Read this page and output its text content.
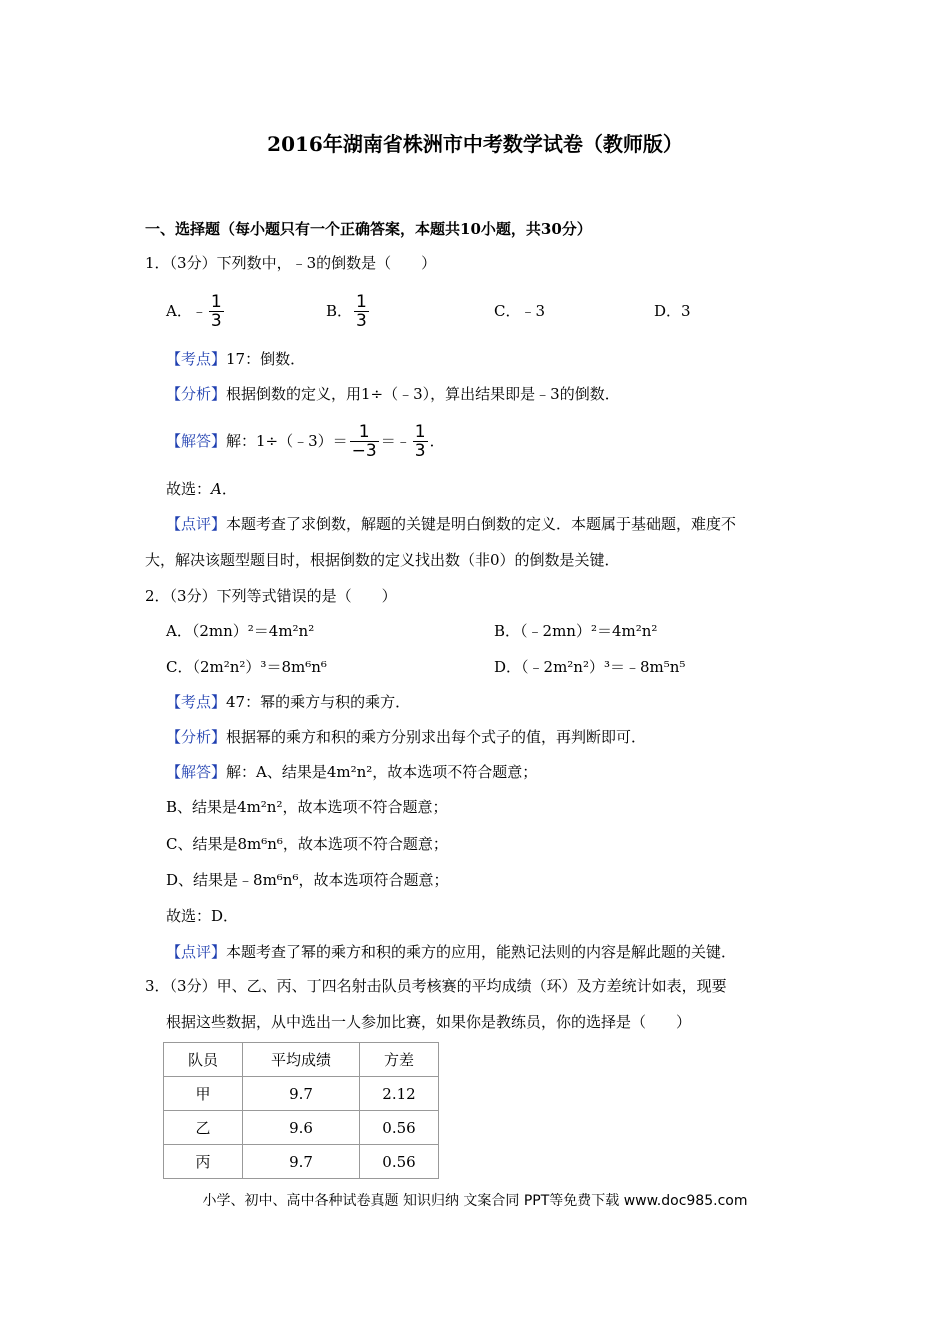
2016年湖南省株洲市中考数学试卷（教师版）
一、选择题（每小题只有一个正确答案，本题共10小题，共30分）
1．（3分）下列数中，﹣3的倒数是（　　）
A． ﹣ $\frac{1}{3}$	B． $\frac{1}{3}$	C．﹣3	D．3
【考点】17：倒数．
【分析】根据倒数的定义，用1÷（﹣3），算出结果即是﹣3的倒数．
【解答】 解：1÷（﹣3）＝ $\frac{1}{-3}$ ＝﹣ $\frac{1}{3}$ ．
故选：A．
【点评】本题考查了求倒数，解题的关键是明白倒数的定义．本题属于基础题，难度不
大，解决该题型题目时，根据倒数的定义找出数（非0）的倒数是关键．
2．（3分）下列等式错误的是（　　）
A．（2mn）²＝4m²n²	B．（﹣2mn）²＝4m²n²
C．（2m²n²）³＝8m⁶n⁶	D．（﹣2m²n²）³＝﹣8m⁵n⁵
【考点】47：幂的乘方与积的乘方．
【分析】根据幂的乘方和积的乘方分别求出每个式子的值，再判断即可．
【解答】解：A、结果是4m²n²，故本选项不符合题意；
B、结果是4m²n²，故本选项不符合题意；
C、结果是8m⁶n⁶，故本选项不符合题意；
D、结果是﹣8m⁶n⁶，故本选项符合题意；
故选：D．
【点评】本题考查了幂的乘方和积的乘方的应用，能熟记法则的内容是解此题的关键．
3．（3分）甲、乙、丙、丁四名射击队员考核赛的平均成绩（环）及方差统计如表，现要
根据这些数据，从中选出一人参加比赛，如果你是教练员，你的选择是（　　）
队员	平均成绩	方差
甲	9.7	2.12
乙	9.6	0.56
丙	9.7	0.56
小学、初中、高中各种试卷真题 知识归纳 文案合同 PPT等免费下载 www.doc985.com
